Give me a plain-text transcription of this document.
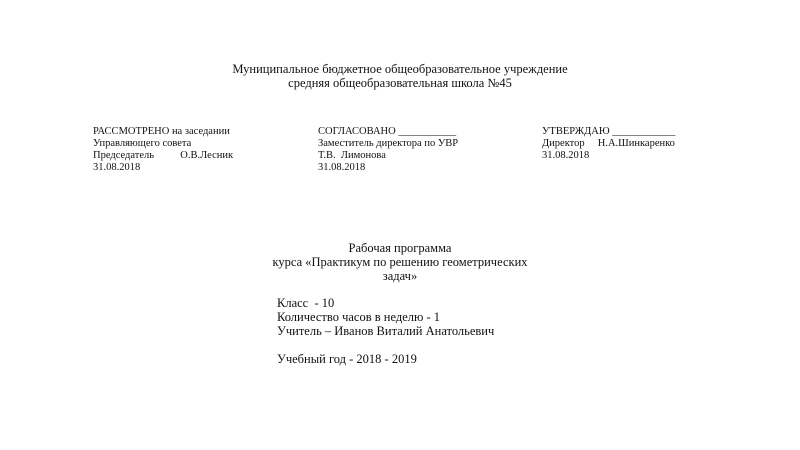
Муниципальное бюджетное общеобразовательное учреждение
средняя общеобразовательная школа №45
РАССМОТРЕНО на заседании
Управляющего совета
Председатель          О.В.Лесник
31.08.2018
СОГЛАСОВАНО ___________
Заместитель директора по УВР
Т.В.  Лимонова
31.08.2018
УТВЕРЖДАЮ ____________
Директор     Н.А.Шинкаренко
31.08.2018
Рабочая программа
курса «Практикум по решению геометрических
задач»
Класс  - 10
Количество часов в неделю - 1
Учитель – Иванов Виталий Анатольевич
Учебный год - 2018 - 2019
